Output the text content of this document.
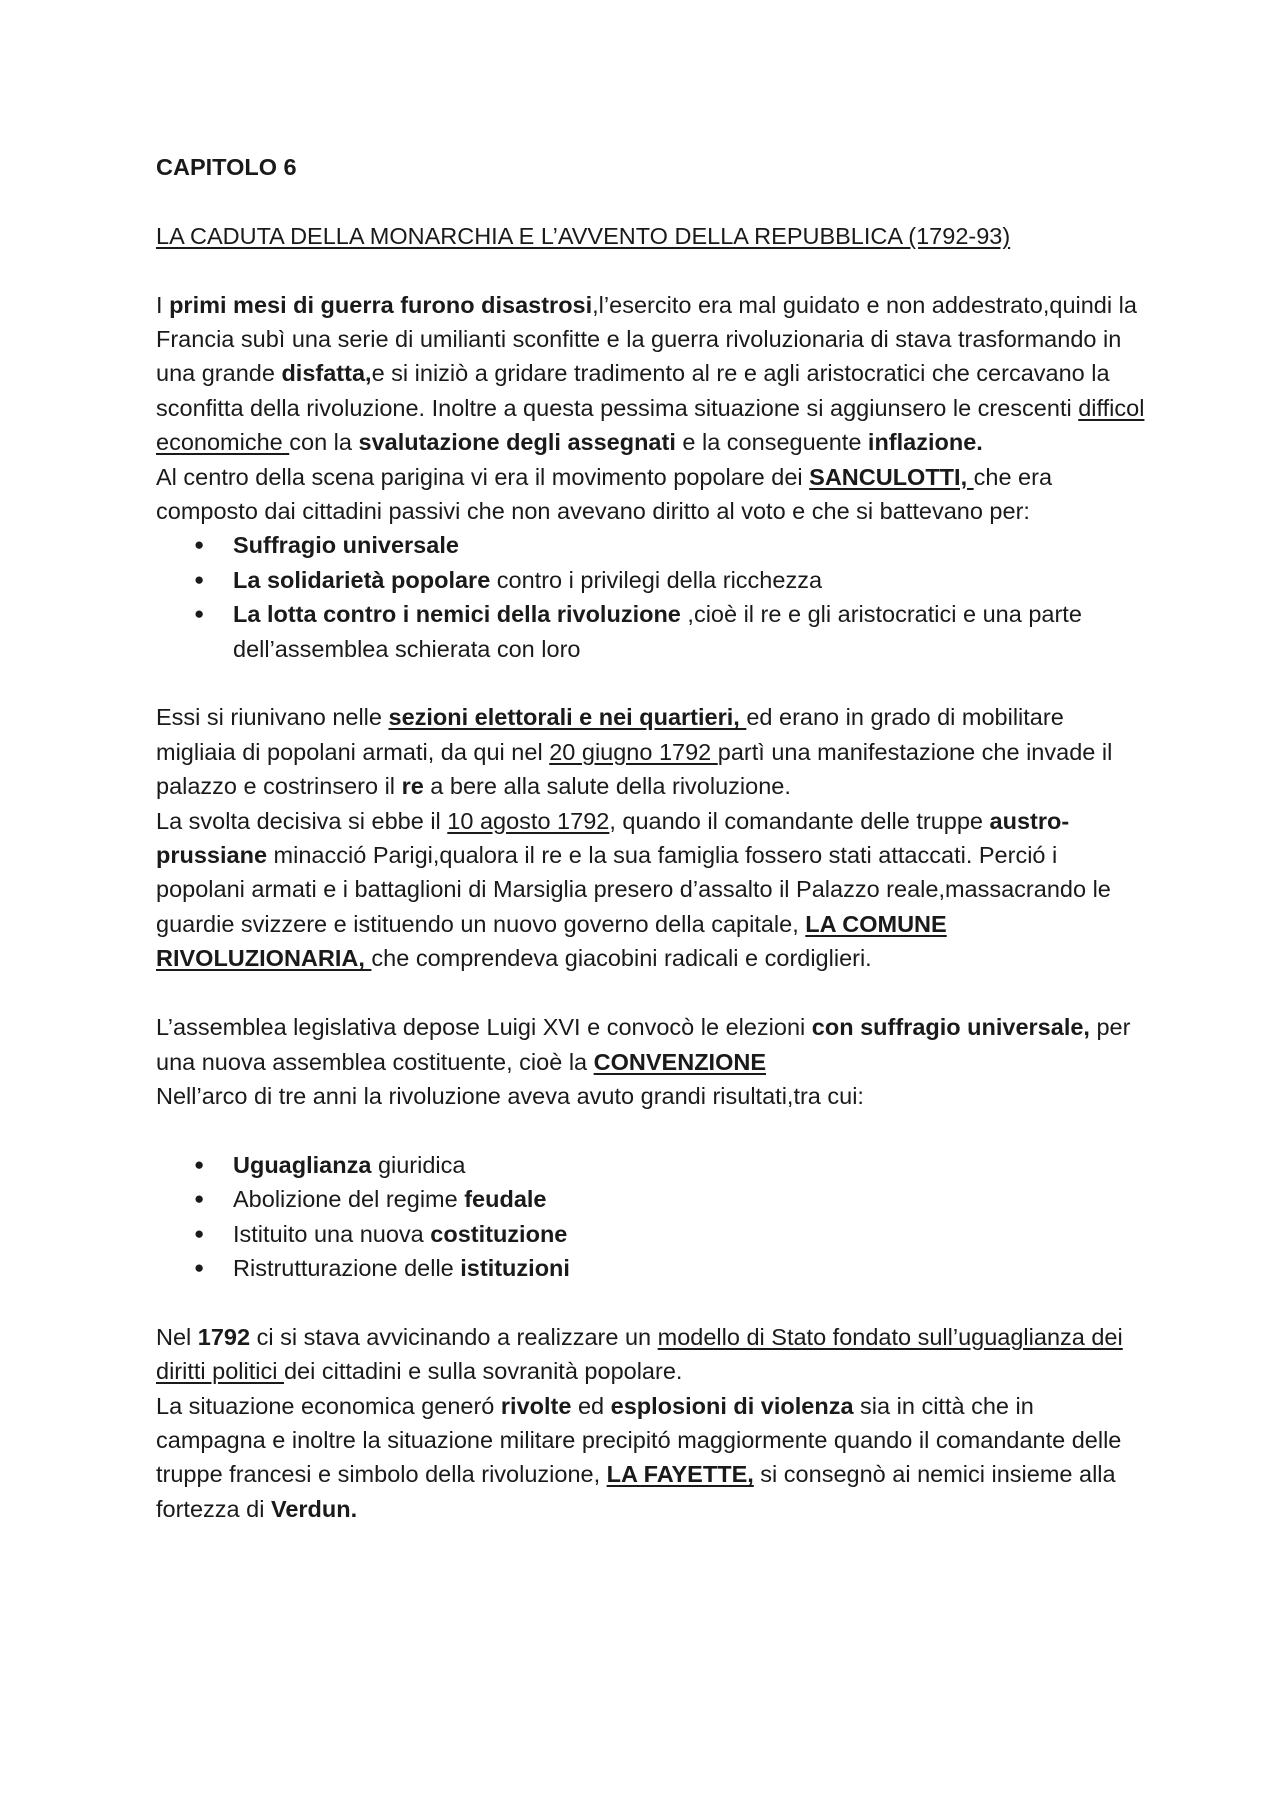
CAPITOLO 6

LA CADUTA DELLA MONARCHIA E L’AVVENTO DELLA REPUBBLICA (1792-93)

I primi mesi di guerra furono disastrosi,l’esercito era mal guidato e non addestrato,quindi la Francia subì una serie di umilianti sconfitte e la guerra rivoluzionaria di stava trasformando in una grande disfatta,e si iniziò a gridare tradimento al re e agli aristocratici che cercavano la sconfitta della rivoluzione. Inoltre a questa pessima situazione si aggiunsero le crescenti difficol economiche con la svalutazione degli assegnati e la conseguente inflazione.

Al centro della scena parigina vi era il movimento popolare dei SANCULOTTI, che era composto dai cittadini passivi che non avevano diritto al voto e che si battevano per:

● Suffragio universale
● La solidarietà popolare contro i privilegi della ricchezza
● La lotta contro i nemici della rivoluzione ,cioè il re e gli aristocratici e una parte dell’assemblea schierata con loro

Essi si riunivano nelle sezioni elettorali e nei quartieri, ed erano in grado di mobilitare migliaia di popolani armati, da qui nel 20 giugno 1792 partì una manifestazione che invade il palazzo e costrinsero il re a bere alla salute della rivoluzione.

La svolta decisiva si ebbe il 10 agosto 1792, quando il comandante delle truppe austro-prussiane minacció Parigi,qualora il re e la sua famiglia fossero stati attaccati. Perció i popolani armati e i battaglioni di Marsiglia presero d’assalto il Palazzo reale,massacrando le guardie svizzere e istituendo un nuovo governo della capitale, LA COMUNE RIVOLUZIONARIA, che comprendeva giacobini radicali e cordiglieri.

L’assemblea legislativa depose Luigi XVI e convocò le elezioni con suffragio universale, per una nuova assemblea costituente, cioè la CONVENZIONE

Nell’arco di tre anni la rivoluzione aveva avuto grandi risultati,tra cui:

● Uguaglianza giuridica
● Abolizione del regime feudale
● Istituito una nuova costituzione
● Ristrutturazione delle istituzioni

Nel 1792 ci si stava avvicinando a realizzare un modello di Stato fondato sull’uguaglianza dei diritti politici dei cittadini e sulla sovranità popolare.

La situazione economica generó rivolte ed esplosioni di violenza sia in città che in campagna e inoltre la situazione militare precipitó maggiormente quando il comandante delle truppe francesi e simbolo della rivoluzione, LA FAYETTE, si consegnò ai nemici insieme alla fortezza di Verdun.
